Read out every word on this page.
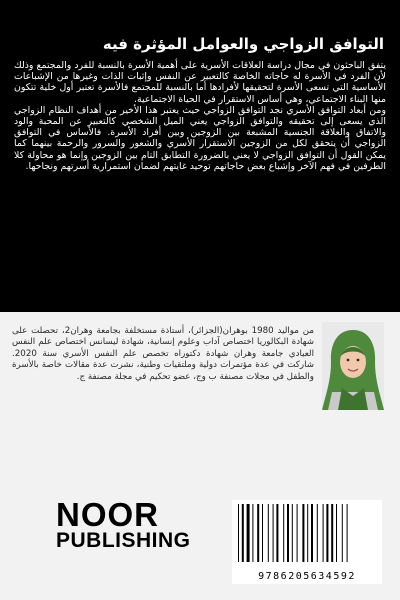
التوافق الزواجي والعوامل المؤثرة فيه
يتفق الباحثون في مجال دراسة العلاقات الأسرية على أهمية الأسرة بالنسبة للفرد والمجتمع وذلك لأن الفرد في الأسرة له حاجاته الخاصة كالتعبير عن النفس وإثبات الذات وغيرها من الإشباعات الأساسية التي تسعى الأسرة لتحقيقها لأفرادها أما بالنسبة للمجتمع فالأسرة تعتبر أول خلية تتكون منها البناء الاجتماعي، وهي أساس الاستقرار في الحياة الاجتماعية.
ومن أبعاد التوافق الأسري نجد التوافق الزواجي حيث يعتبر هذا الأخير من أهداف النظام الزواجي الذي يسعى إلى تحقيقه والتوافق الزواجي يعني الميل الشخصي كالتعبير عن المحبة والود والاتفاق والعلاقة الجنسية المشبعة بين الزوجين وبين أفراد الأسرة. فالأساس في التوافق الزواجي أن يتحقق لكل من الزوجين الاستقرار الأسري والشعور والسرور والرحمة بينهما كما يمكن القول أن التوافق الزواجي لا يعني بالضرورة التطابق التام بين الزوجين وإنما هو محاولة كلا الطرفين في فهم الآخر وإشباع بعض حاجاتهم توحيد غايتهم لضمان استمرارية أسرتهم ونجاحها.
من مواليد 1980 بوهران(الجزائر)، أستاذة مستخلفة بجامعة وهران2، تحصلت على شهادة البكالوريا اختصاص آداب وعلوم إنسانية، شهادة ليسانس اختصاص علم النفس العيادي جامعة وهران شهادة دكتوراه تخصص علم النفس الأسري سنة 2020. شاركت في عدة مؤتمرات دولية وملتقيات وطنية، نشرت عدة مقالات خاصة بالأسرة والطفل في مجلات مصنفة ب وج، عضو تحكيم في مجلة مصنفة ج.
NOOR
PUBLISHING
9786205634592
